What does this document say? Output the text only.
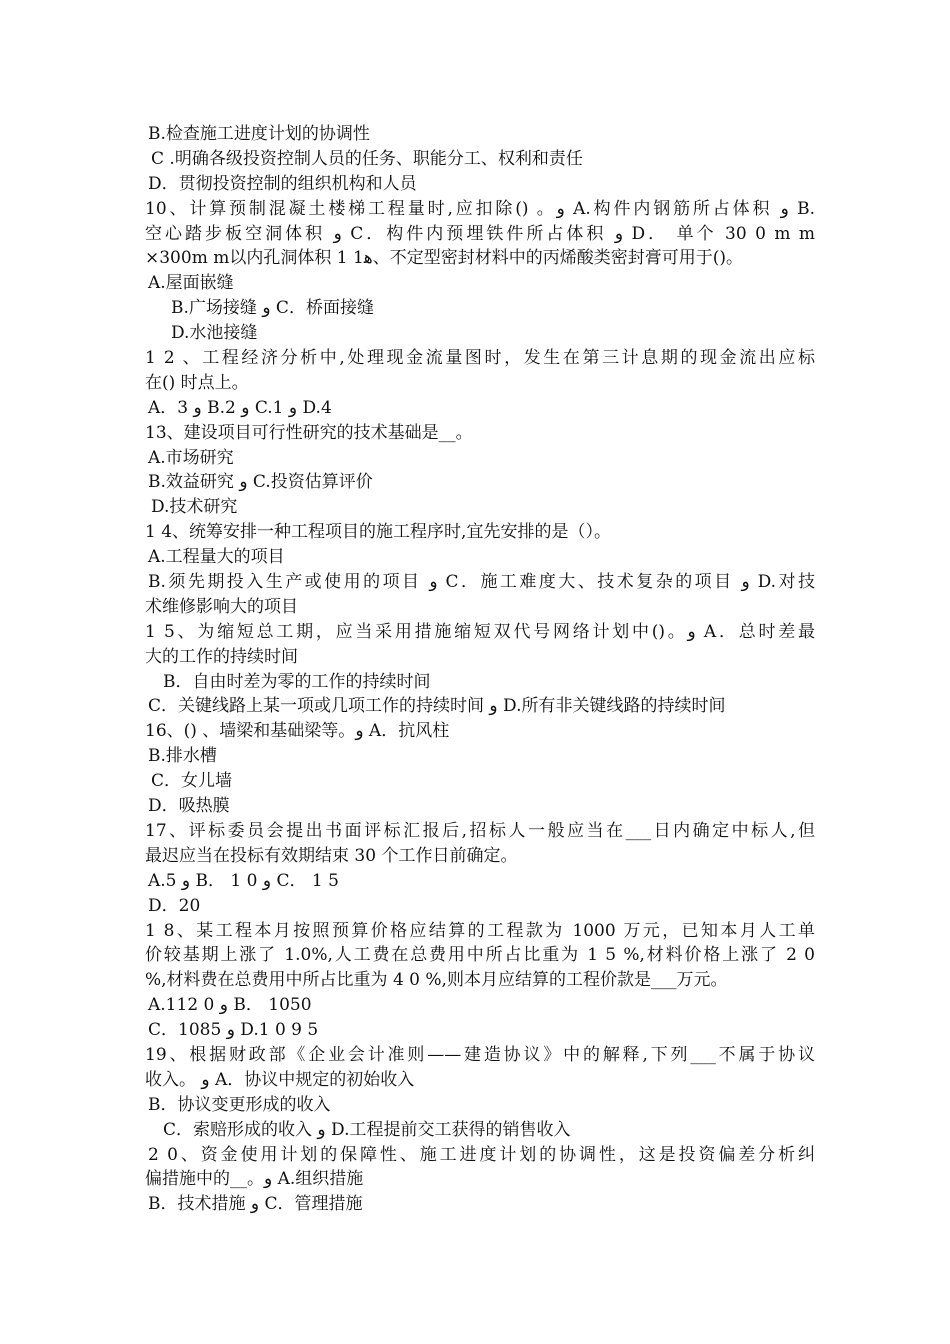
B.检查施工进度计划的协调性
C .明确各级投资控制人员的任务、职能分工、权利和责任
D．贯彻投资控制的组织机构和人员
10、计算预制混凝土楼梯工程量时,应扣除() 。و A.构件内钢筋所占体积 و B.
空心踏步板空洞体积 و C．构件内预埋铁件所占体积 و D． 单个 30 0 m m
×300m m以内孔洞体积 1 1ﻫ、不定型密封材料中的丙烯酸类密封膏可用于()。
A.屋面嵌缝
B.广场接缝 و C．桥面接缝
D.水池接缝
1 2 、工程经济分析中,处理现金流量图时，发生在第三计息期的现金流出应标
在() 时点上。
A．3 و B.2 و C.1 و D.4
13、建设项目可行性研究的技术基础是__。
A.市场研究
B.效益研究 و C.投资估算评价
D.技术研究
1 4、统筹安排一种工程项目的施工程序时,宜先安排的是（）。
A.工程量大的项目
B.须先期投入生产或使用的项目 و C．施工难度大、技术复杂的项目 و D.对技
术维修影响大的项目
1 5、为缩短总工期，应当采用措施缩短双代号网络计划中()。و A．总时差最
大的工作的持续时间
B．自由时差为零的工作的持续时间
C．关键线路上某一项或几项工作的持续时间 و D.所有非关键线路的持续时间
16、() 、墙梁和基础梁等。و A．抗风柱
B.排水槽
C．女儿墙
D．吸热膜
17、评标委员会提出书面评标汇报后,招标人一般应当在___日内确定中标人,但
最迟应当在投标有效期结束 30 个工作日前确定。
A.5 و B． 1 0 و C． 1 5
D．20
1 8、某工程本月按照预算价格应结算的工程款为 1000 万元，已知本月人工单
价较基期上涨了 1.0%,人工费在总费用中所占比重为 1 5 %,材料价格上涨了 2 0
%,材料费在总费用中所占比重为 4 0 %,则本月应结算的工程价款是___万元。
A.112 0 و B． 1050
C．1085 و D.1 0 9 5
19、根据财政部《企业会计准则——建造协议》中的解释,下列___不属于协议
收入。 و A．协议中规定的初始收入
B．协议变更形成的收入
C．索赔形成的收入 و D.工程提前交工获得的销售收入
2 0、资金使用计划的保障性、施工进度计划的协调性，这是投资偏差分析纠
偏措施中的__。و A.组织措施
B．技术措施 و C．管理措施
